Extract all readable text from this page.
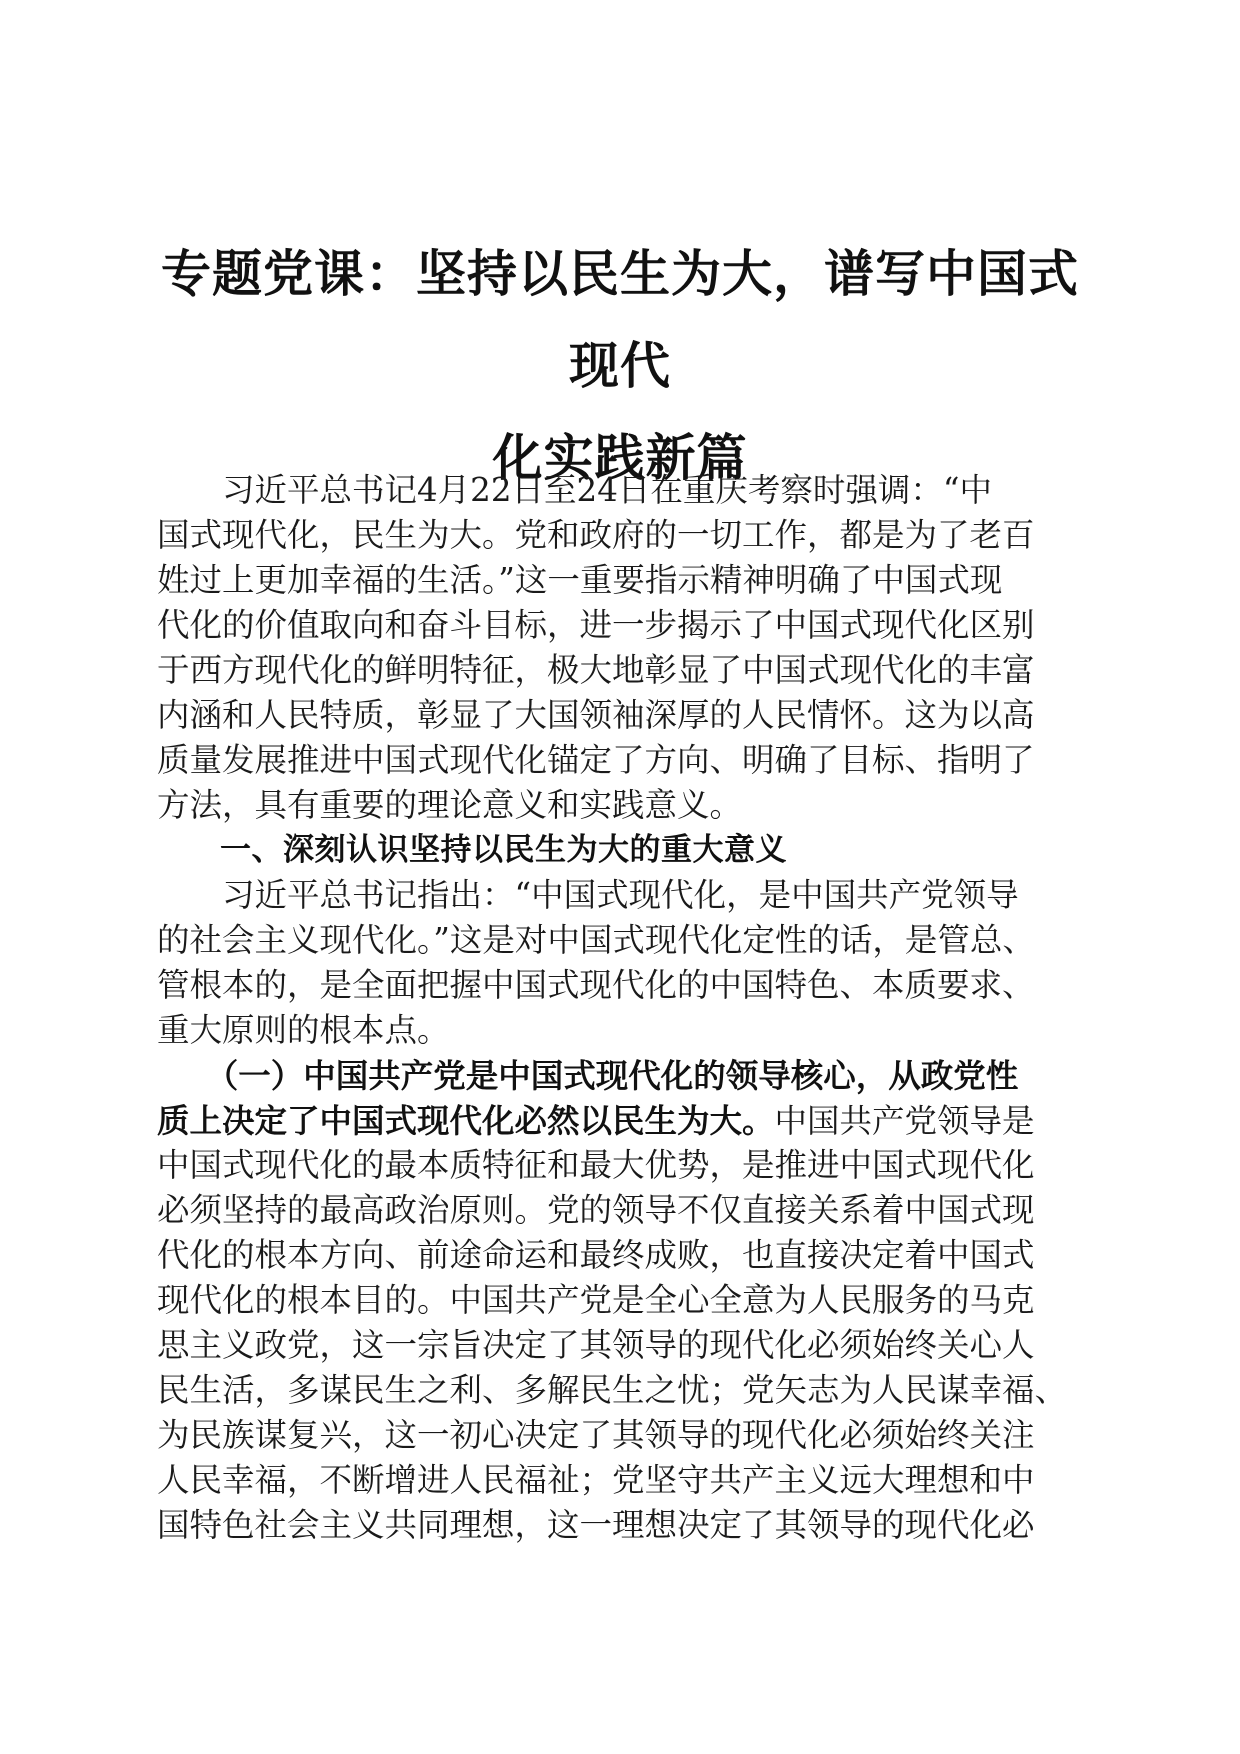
专题党课：坚持以民生为大，谱写中国式现代
化实践新篇
　　习近平总书记4月22日至24日在重庆考察时强调：“中
国式现代化，民生为大。党和政府的一切工作，都是为了老百
姓过上更加幸福的生活。”这一重要指示精神明确了中国式现
代化的价值取向和奋斗目标，进一步揭示了中国式现代化区别
于西方现代化的鲜明特征，极大地彰显了中国式现代化的丰富
内涵和人民特质，彰显了大国领袖深厚的人民情怀。这为以高
质量发展推进中国式现代化锚定了方向、明确了目标、指明了
方法，具有重要的理论意义和实践意义。
　　一、深刻认识坚持以民生为大的重大意义
　　习近平总书记指出：“中国式现代化，是中国共产党领导
的社会主义现代化。”这是对中国式现代化定性的话，是管总、
管根本的，是全面把握中国式现代化的中国特色、本质要求、
重大原则的根本点。
　　（一）中国共产党是中国式现代化的领导核心，从政党性
质上决定了中国式现代化必然以民生为大。中国共产党领导是
中国式现代化的最本质特征和最大优势，是推进中国式现代化
必须坚持的最高政治原则。党的领导不仅直接关系着中国式现
代化的根本方向、前途命运和最终成败，也直接决定着中国式
现代化的根本目的。中国共产党是全心全意为人民服务的马克
思主义政党，这一宗旨决定了其领导的现代化必须始终关心人
民生活，多谋民生之利、多解民生之忧；党矢志为人民谋幸福、
为民族谋复兴，这一初心决定了其领导的现代化必须始终关注
人民幸福，不断增进人民福祉；党坚守共产主义远大理想和中
国特色社会主义共同理想，这一理想决定了其领导的现代化必
